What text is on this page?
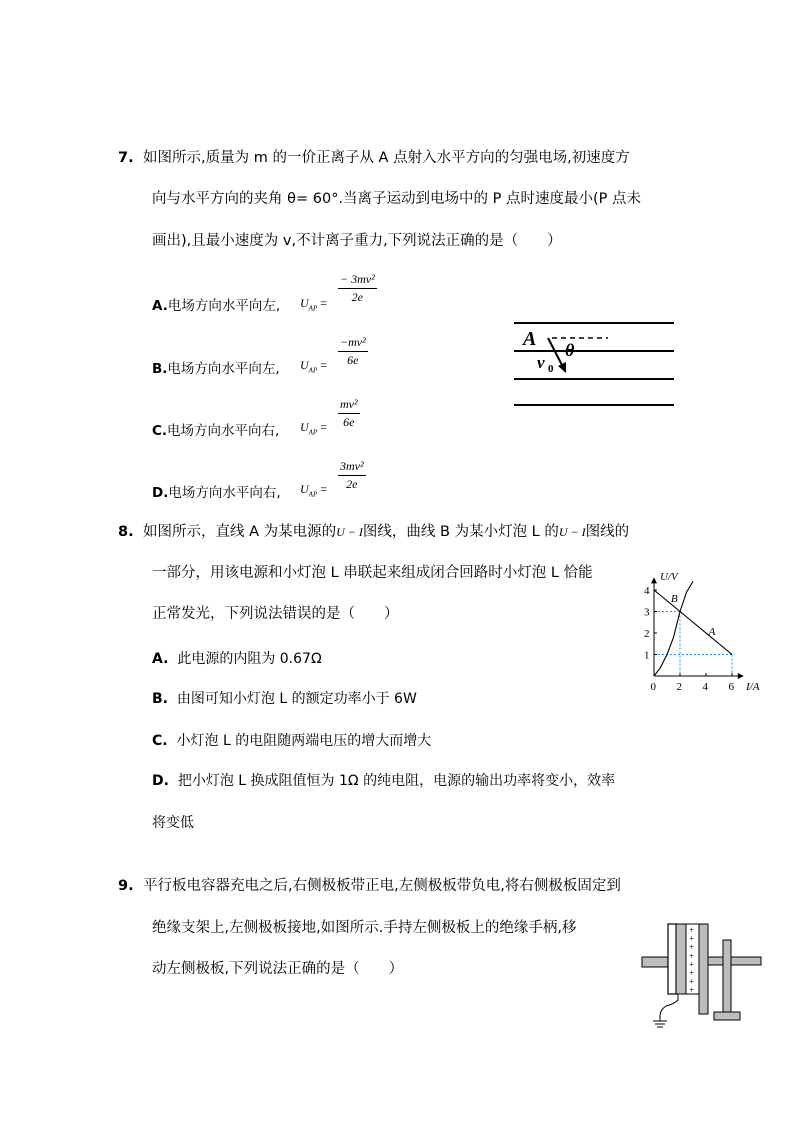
7. 如图所示,质量为 m 的一价正离子从 A 点射入水平方向的匀强电场,初速度方
向与水平方向的夹角 θ= 60°.当离子运动到电场中的 P 点时速度最小(P 点未
画出),且最小速度为 v,不计离子重力,下列说法正确的是（　　）
A.电场方向水平向左, $U_{AP} = \frac{\text{− 3mv²}}{2e}$
B.电场方向水平向左, $U_{AP} = \frac{\text{−mv²}}{6e}$
C.电场方向水平向右, $U_{AP} = \frac{\text{mv²}}{6e}$
D.电场方向水平向右, $U_{AP} = \frac{\text{3mv²}}{2e}$
A θ
v 0
8. 如图所示，直线 A 为某电源的U − I图线，曲线 B 为某小灯泡 L 的U − I图线的
一部分，用该电源和小灯泡 L 串联起来组成闭合回路时小灯泡 L 恰能
正常发光，下列说法错误的是（　　）
A. 此电源的内阻为 0.67Ω
B. 由图可知小灯泡 L 的额定功率小于 6W
C. 小灯泡 L 的电阻随两端电压的增大而增大
D. 把小灯泡 L 换成阻值恒为 1Ω 的纯电阻，电源的输出功率将变小，效率
将变低
1
2
3
4
0 2 4 6
U/V
I/A
A
B
9. 平行板电容器充电之后,右侧极板带正电,左侧极板带负电,将右侧极板固定到
绝缘支架上,左侧极板接地,如图所示.手持左侧极板上的绝缘手柄,移
动左侧极板,下列说法正确的是（　　）
+
+
+
+
+
+
+
+
